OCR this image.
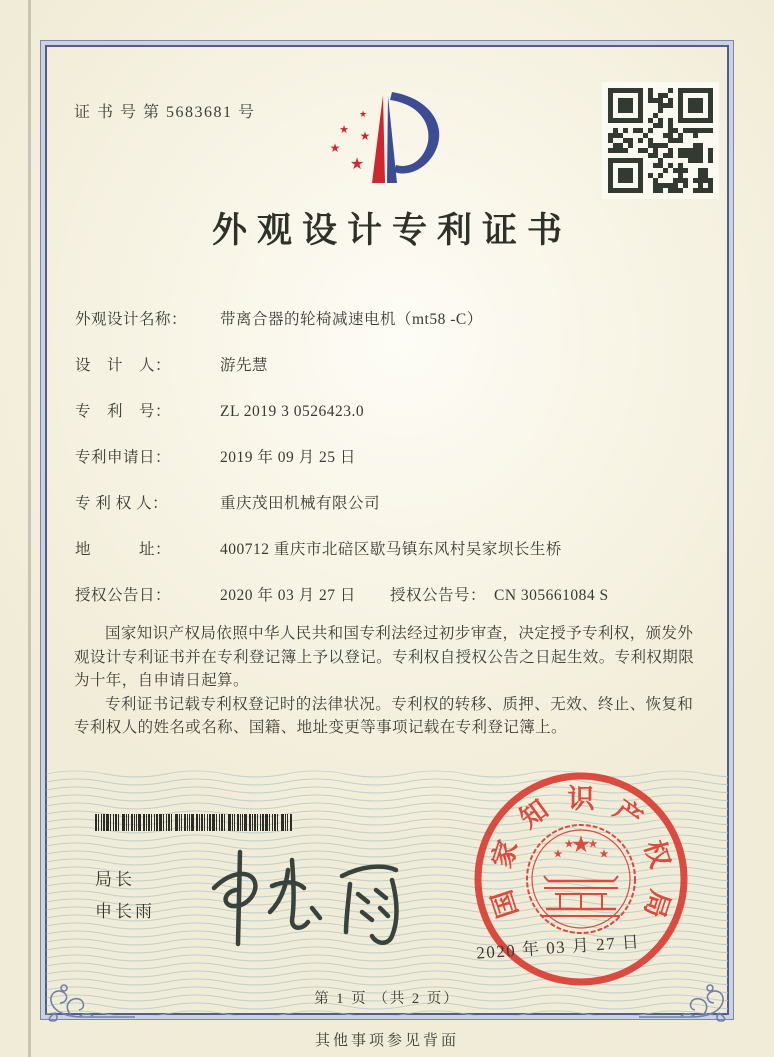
证 书 号 第 5683681 号	★
★ ★
★
★
外观设计专利证书
外观设计名称： 带离合器的轮椅减速电机（mt58 -C）
设　计　人：	游先慧
专　利　号：	ZL 2019 3 0526423.0
专利申请日：	2019 年 09 月 25 日
专 利 权 人：	重庆茂田机械有限公司
地　　　址：	400712 重庆市北碚区歇马镇东风村吴家坝长生桥
授权公告日：	2020 年 03 月 27 日 授权公告号： CN 305661084 S

国家知识产权局依照中华人民共和国专利法经过初步审查，决定授予专利权，颁发外观设计专利证书并在专利登记簿上予以登记。专利权自授权公告之日起生效。专利权期限为十年，自申请日起算。

专利证书记载专利权登记时的法律状况。专利权的转移、质押、无效、终止、恢复和专利权人的姓名或名称、国籍、地址变更等事项记载在专利登记簿上。

局长
申长雨	国
家
知 识 产
权
局
★
★
★ ★
★
2020 年 03 月 27 日
第 1 页 （共 2 页）
其他事项参见背面
